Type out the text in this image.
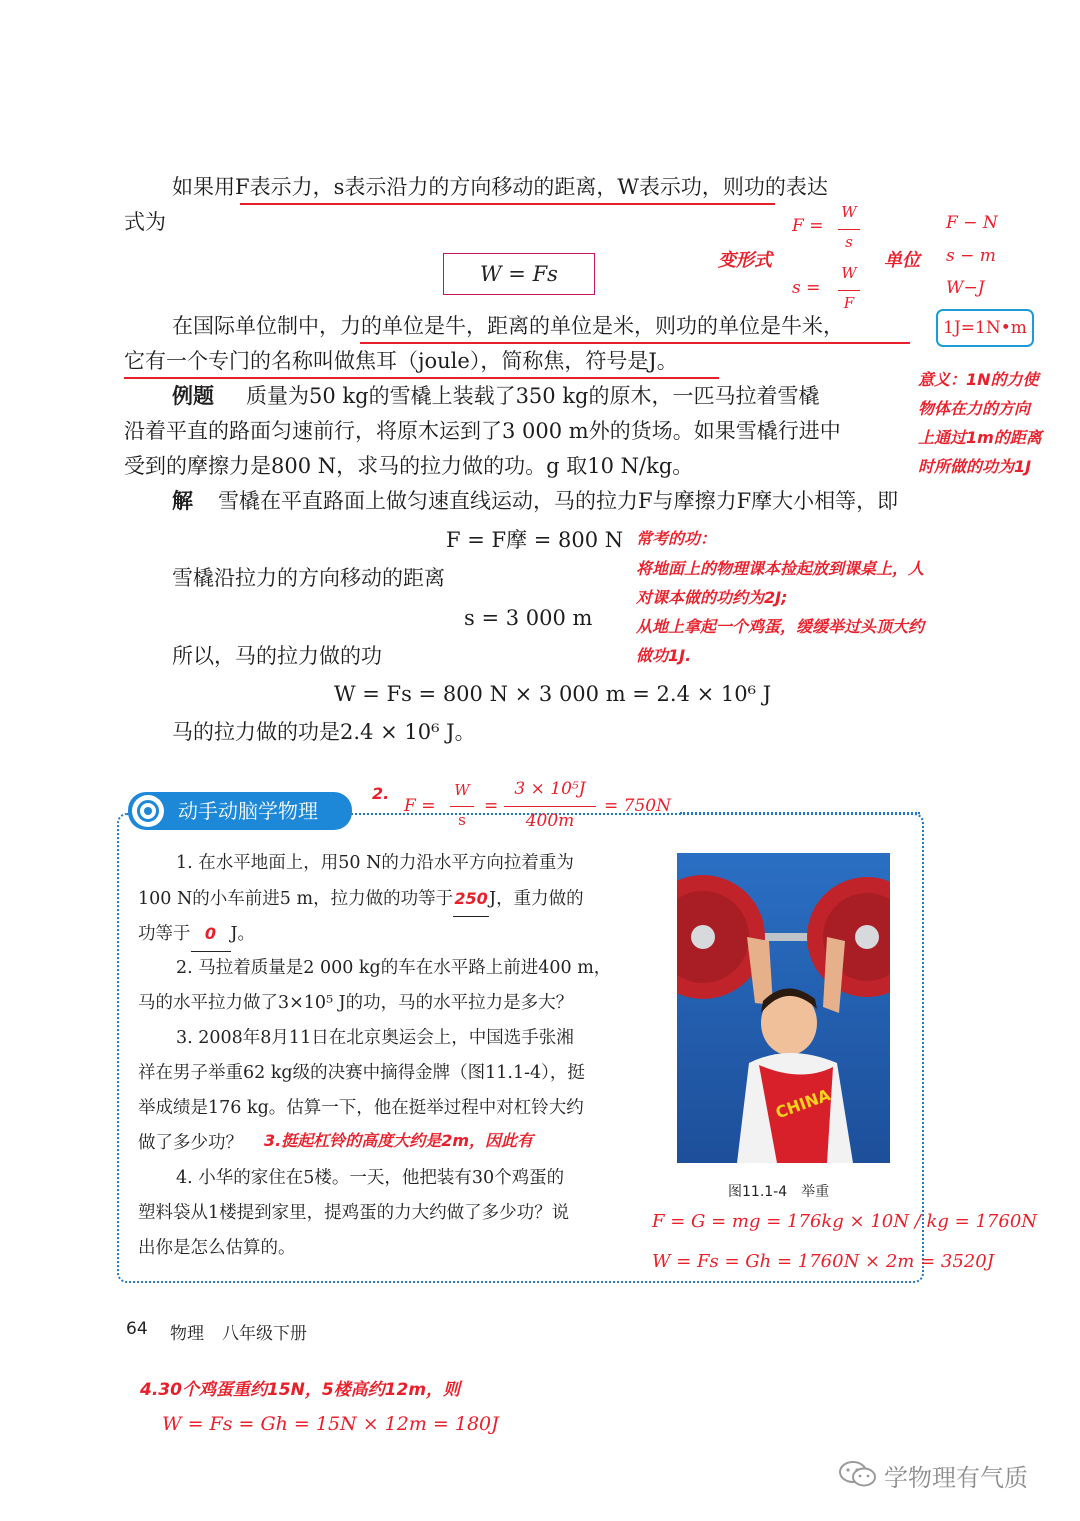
如果用F表示力，s表示沿力的方向移动的距离，W表示功，则功的表达
式为
W = Fs
在国际单位制中，力的单位是牛，距离的单位是米，则功的单位是牛米，
它有一个专门的名称叫做焦耳（joule），简称焦，符号是J。
例题 质量为50 kg的雪橇上装载了350 kg的原木，一匹马拉着雪橇
沿着平直的路面匀速前行，将原木运到了3 000 m外的货场。如果雪橇行进中
受到的摩擦力是800 N，求马的拉力做的功。g 取10 N/kg。
解 雪橇在平直路面上做匀速直线运动，马的拉力F与摩擦力F摩大小相等，即
F = F摩 = 800 N
雪橇沿拉力的方向移动的距离
s = 3 000 m
所以，马的拉力做的功
W = Fs = 800 N × 3 000 m = 2.4 × 10⁶ J
马的拉力做的功是2.4 × 10⁶ J。
变形式
F =
W
s
s =
W
F
单位
F − N
s − m
W−J
1J=1N•m
意义：1N的力使
物体在力的方向
上通过1m的距离
时所做的功为1J
常考的功：
将地面上的物理课本捡起放到课桌上，人
对课本做的功约为2J;
从地上拿起一个鸡蛋，缓缓举过头顶大约
做功1J.
动手动脑学物理
2.
F =
W
s
=
3 × 10⁵J
400m
= 750N
1. 在水平地面上，用50 N的力沿水平方向拉着重为
100 N的小车前进5 m，拉力做的功等于250J，重力做的
功等于 0 J。
2. 马拉着质量是2 000 kg的车在水平路上前进400 m，
马的水平拉力做了3×10⁵ J的功，马的水平拉力是多大？
3. 2008年8月11日在北京奥运会上，中国选手张湘
祥在男子举重62 kg级的决赛中摘得金牌（图11.1-4），挺
举成绩是176 kg。估算一下，他在挺举过程中对杠铃大约
做了多少功？ 3.挺起杠铃的高度大约是2m，因此有
4. 小华的家住在5楼。一天，他把装有30个鸡蛋的
塑料袋从1楼提到家里，提鸡蛋的力大约做了多少功？说
出你是怎么估算的。
CHINA
图11.1-4　举重
F = G = mg = 176kg × 10N / kg = 1760N
W = Fs = Gh = 1760N × 2m = 3520J
64 物理 八年级下册
4.30个鸡蛋重约15N，5楼高约12m，则
W = Fs = Gh = 15N × 12m = 180J
学物理有气质
